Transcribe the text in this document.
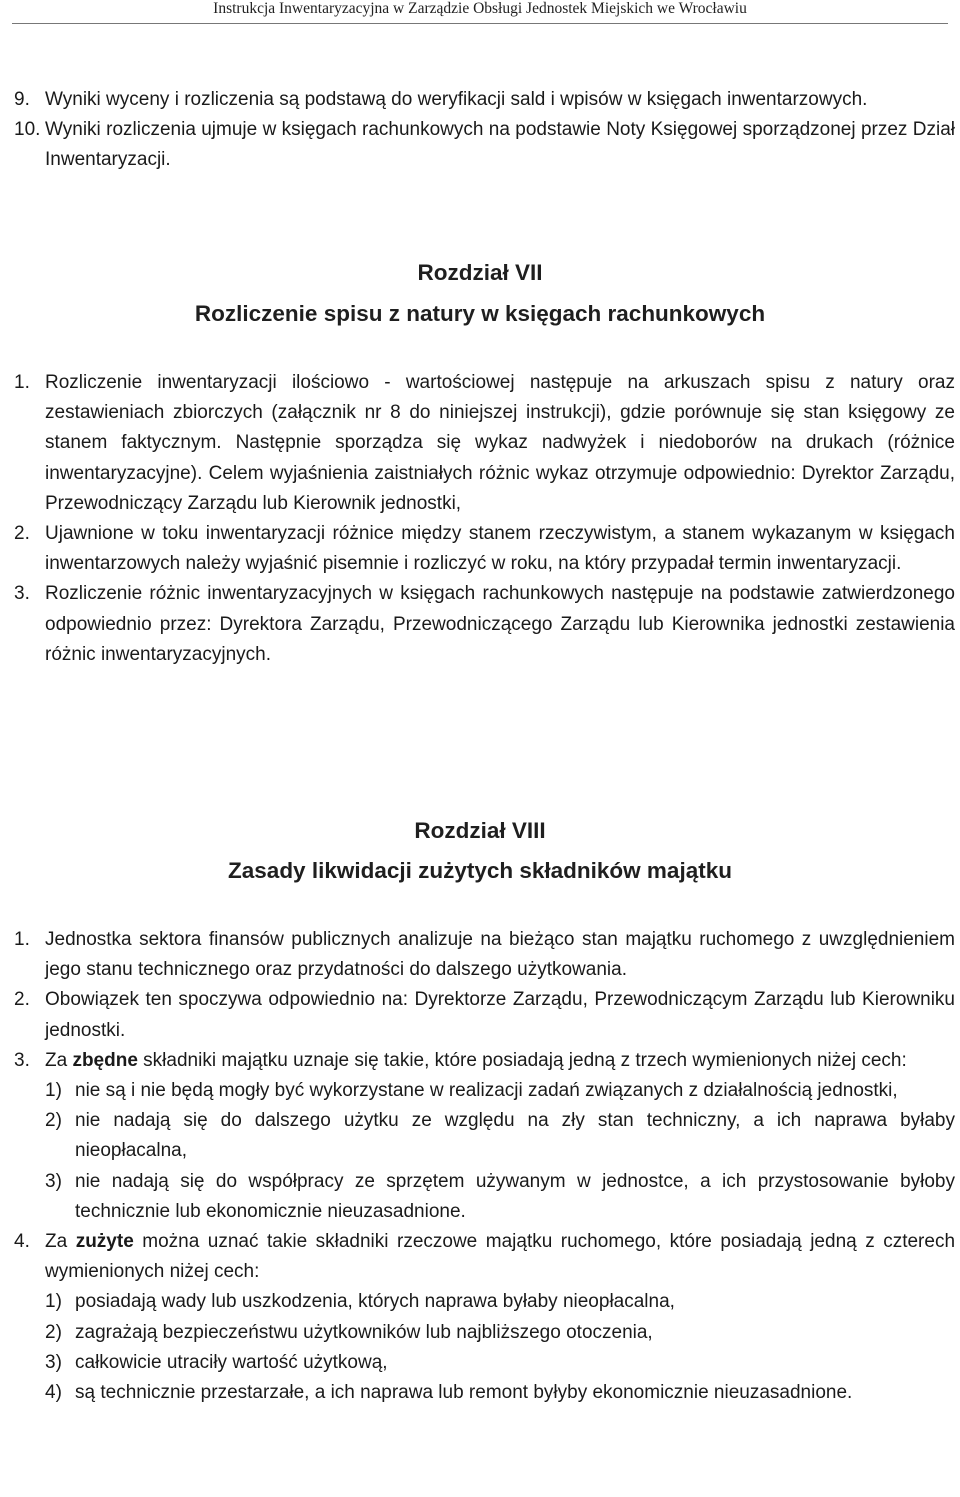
Instrukcja Inwentaryzacyjna w Zarządzie Obsługi Jednostek Miejskich we Wrocławiu

9. Wyniki wyceny i rozliczenia są podstawą do weryfikacji sald i wpisów w księgach inwentarzowych.

10. Wyniki rozliczenia ujmuje w księgach rachunkowych na podstawie Noty Księgowej sporządzonej przez Dział Inwentaryzacji.

Rozdział VII
Rozliczenie spisu z natury w księgach rachunkowych

1. Rozliczenie inwentaryzacji ilościowo - wartościowej następuje na arkuszach spisu z natury oraz zestawieniach zbiorczych (załącznik nr 8 do niniejszej instrukcji), gdzie porównuje się stan księgowy ze stanem faktycznym. Następnie sporządza się wykaz nadwyżek i niedoborów na drukach (różnice inwentaryzacyjne). Celem wyjaśnienia zaistniałych różnic wykaz otrzymuje odpowiednio: Dyrektor Zarządu, Przewodniczący Zarządu lub Kierownik jednostki,

2. Ujawnione w toku inwentaryzacji różnice między stanem rzeczywistym, a stanem wykazanym w księgach inwentarzowych należy wyjaśnić pisemnie i rozliczyć w roku, na który przypadał termin inwentaryzacji.

3. Rozliczenie różnic inwentaryzacyjnych w księgach rachunkowych następuje na podstawie zatwierdzonego odpowiednio przez: Dyrektora Zarządu, Przewodniczącego Zarządu lub Kierownika jednostki zestawienia różnic inwentaryzacyjnych.

Rozdział VIII
Zasady likwidacji zużytych składników majątku

1. Jednostka sektora finansów publicznych analizuje na bieżąco stan majątku ruchomego z uwzględnieniem jego stanu technicznego oraz przydatności do dalszego użytkowania.

2. Obowiązek ten spoczywa odpowiednio na: Dyrektorze Zarządu, Przewodniczącym Zarządu lub Kierowniku jednostki.

3. Za zbędne składniki majątku uznaje się takie, które posiadają jedną z trzech wymienionych niżej cech:

1) nie są i nie będą mogły być wykorzystane w realizacji zadań związanych z działalnością jednostki,

2) nie nadają się do dalszego użytku ze względu na zły stan techniczny, a ich naprawa byłaby nieopłacalna,

3) nie nadają się do współpracy ze sprzętem używanym w jednostce, a ich przystosowanie byłoby technicznie lub ekonomicznie nieuzasadnione.

4. Za zużyte można uznać takie składniki rzeczowe majątku ruchomego, które posiadają jedną z czterech wymienionych niżej cech:

1) posiadają wady lub uszkodzenia, których naprawa byłaby nieopłacalna,

2) zagrażają bezpieczeństwu użytkowników lub najbliższego otoczenia,

3) całkowicie utraciły wartość użytkową,

4) są technicznie przestarzałe, a ich naprawa lub remont byłyby ekonomicznie nieuzasadnione.
